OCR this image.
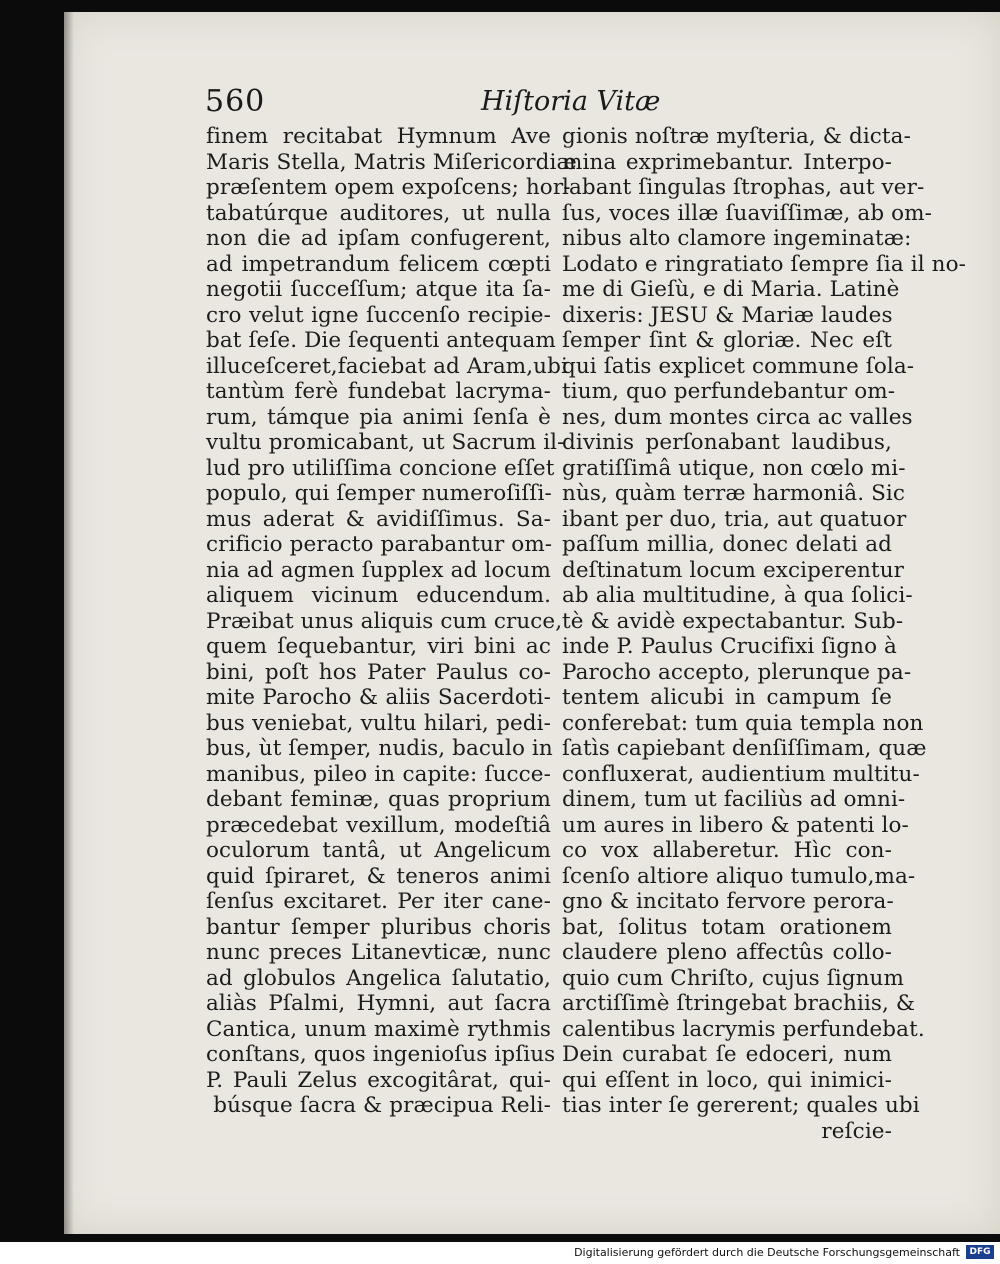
560	Hiſtoria Vitæ
finem recitabat Hymnum Ave
Maris Stella, Matris Miſericordiæ
præſentem opem expoſcens; hor-
tabatúrque auditores, ut nulla
non die ad ipſam confugerent,
ad impetrandum felicem cœpti
negotii ſucceſſum; atque ita ſa-
cro velut igne ſuccenſo recipie-
bat ſeſe. Die ſequenti antequam
illuceſceret,faciebat ad Aram,ubi
tantùm ferè fundebat lacryma-
rum, támque pia animi ſenſa è
vultu promicabant, ut Sacrum il-
lud pro utiliſſima concione eſſet
populo, qui ſemper numeroſiſſi-
mus aderat & avidiſſimus. Sa-
crificio peracto parabantur om-
nia ad agmen ſupplex ad locum
aliquem vicinum educendum.
Præibat unus aliquis cum cruce,
quem ſequebantur, viri bini ac
bini, poſt hos Pater Paulus co-
mite Parocho & aliis Sacerdoti-
bus veniebat, vultu hilari, pedi-
bus, ùt ſemper, nudis, baculo in
manibus, pileo in capite: ſucce-
debant feminæ, quas proprium
præcedebat vexillum, modeſtiâ
oculorum tantâ, ut Angelicum
quid ſpiraret, & teneros animi
ſenſus excitaret. Per iter cane-
bantur ſemper pluribus choris
nunc preces Litanevticæ, nunc
ad globulos Angelica ſalutatio,
aliàs Pſalmi, Hymni, aut ſacra
Cantica, unum maximè rythmis
conſtans, quos ingenioſus ipſius
P. Pauli Zelus excogitârat, qui-
búsque ſacra & præcipua Reli-
gionis noſtræ myſteria, & dicta-
mina exprimebantur. Interpo-
labant ſingulas ſtrophas, aut ver-
ſus, voces illæ ſuaviſſimæ, ab om-
nibus alto clamore ingeminatæ:
Lodato e ringratiato ſempre ſia il no-
me di Gieſù, e di Maria. Latinè
dixeris: JESU & Mariæ laudes
ſemper ſint & gloriæ. Nec eſt
qui ſatis explicet commune ſola-
tium, quo perfundebantur om-
nes, dum montes circa ac valles
divinis perſonabant laudibus,
gratiſſimâ utique, non cœlo mi-
nùs, quàm terræ harmoniâ. Sic
ibant per duo, tria, aut quatuor
paſſum millia, donec delati ad
deſtinatum locum exciperentur
ab alia multitudine, à qua ſolici-
tè & avidè expectabantur. Sub-
inde P. Paulus Crucifixi ſigno à
Parocho accepto, plerunque pa-
tentem alicubi in campum ſe
conferebat: tum quia templa non
ſatìs capiebant denſiſſimam, quæ
confluxerat, audientium multitu-
dinem, tum ut faciliùs ad omni-
um aures in libero & patenti lo-
co vox allaberetur. Hìc con-
ſcenſo altiore aliquo tumulo,ma-
gno & incitato fervore perora-
bat, ſolitus totam orationem
claudere pleno affectûs collo-
quio cum Chriſto, cujus ſignum
arctiſſimè ſtringebat brachiis, &
calentibus lacrymis perfundebat.
Dein curabat ſe edoceri, num
qui eſſent in loco, qui inimici-
tias inter ſe gererent; quales ubi
reſcie-
Digitalisierung gefördert durch die Deutsche Forschungsgemeinschaft	DFG
